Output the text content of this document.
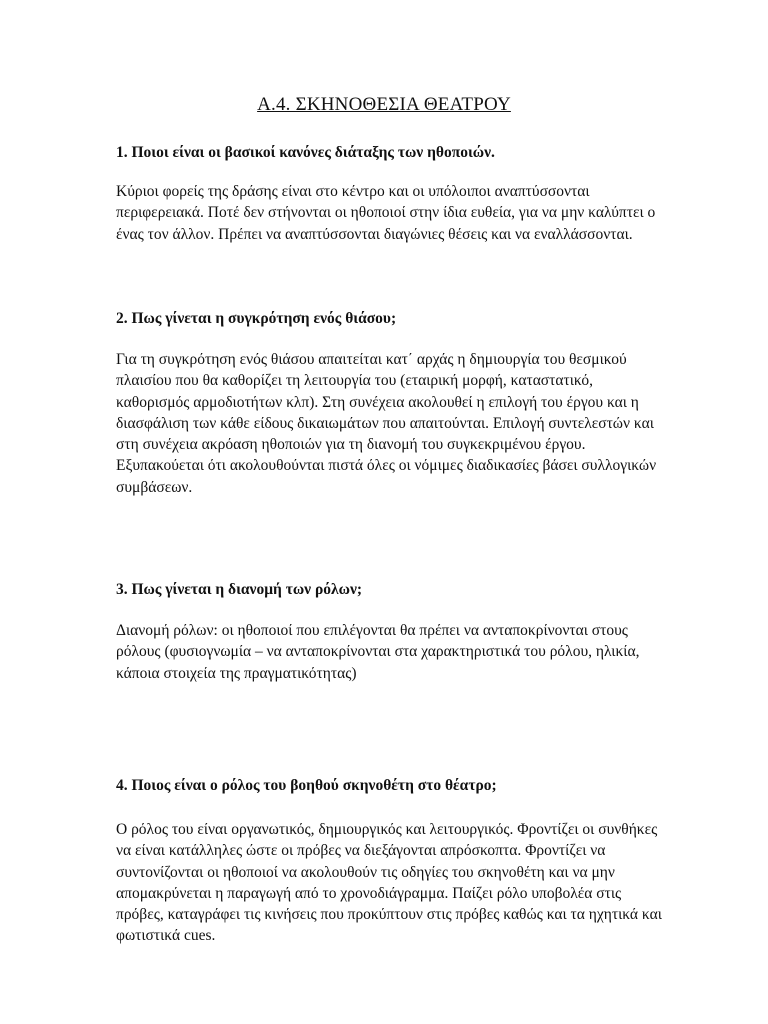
Α.4. ΣΚΗΝΟΘΕΣΙΑ ΘΕΑΤΡΟΥ

1. Ποιοι είναι οι βασικοί κανόνες διάταξης των ηθοποιών.

Κύριοι φορείς της δράσης είναι στο κέντρο και οι υπόλοιποι αναπτύσσονται περιφερειακά. Ποτέ δεν στήνονται οι ηθοποιοί στην ίδια ευθεία, για να μην καλύπτει ο ένας τον άλλον. Πρέπει να αναπτύσσονται διαγώνιες θέσεις και να εναλλάσσονται.

2. Πως γίνεται η συγκρότηση ενός θιάσου;

Για τη συγκρότηση ενός θιάσου απαιτείται κατ΄ αρχάς η δημιουργία του θεσμικού πλαισίου που θα καθορίζει τη λειτουργία του (εταιρική μορφή, καταστατικό, καθορισμός αρμοδιοτήτων κλπ). Στη συνέχεια ακολουθεί η επιλογή του έργου και η διασφάλιση των κάθε είδους δικαιωμάτων που απαιτούνται. Επιλογή συντελεστών και στη συνέχεια ακρόαση ηθοποιών για τη διανομή του συγκεκριμένου έργου. Εξυπακούεται ότι ακολουθούνται πιστά όλες οι νόμιμες διαδικασίες βάσει συλλογικών συμβάσεων.

3. Πως γίνεται η διανομή των ρόλων;

Διανομή ρόλων: οι ηθοποιοί που επιλέγονται θα πρέπει να ανταποκρίνονται στους ρόλους (φυσιογνωμία – να ανταποκρίνονται στα χαρακτηριστικά του ρόλου, ηλικία, κάποια στοιχεία της πραγματικότητας)

4. Ποιος είναι ο ρόλος του βοηθού σκηνοθέτη στο θέατρο;

Ο ρόλος του είναι οργανωτικός, δημιουργικός και λειτουργικός. Φροντίζει οι συνθήκες να είναι κατάλληλες ώστε οι πρόβες να διεξάγονται απρόσκοπτα. Φροντίζει να συντονίζονται οι ηθοποιοί να ακολουθούν τις οδηγίες του σκηνοθέτη και να μην απομακρύνεται η παραγωγή από το χρονοδιάγραμμα. Παίζει ρόλο υποβολέα στις πρόβες, καταγράφει τις κινήσεις που προκύπτουν στις πρόβες καθώς και τα ηχητικά και φωτιστικά cues.
